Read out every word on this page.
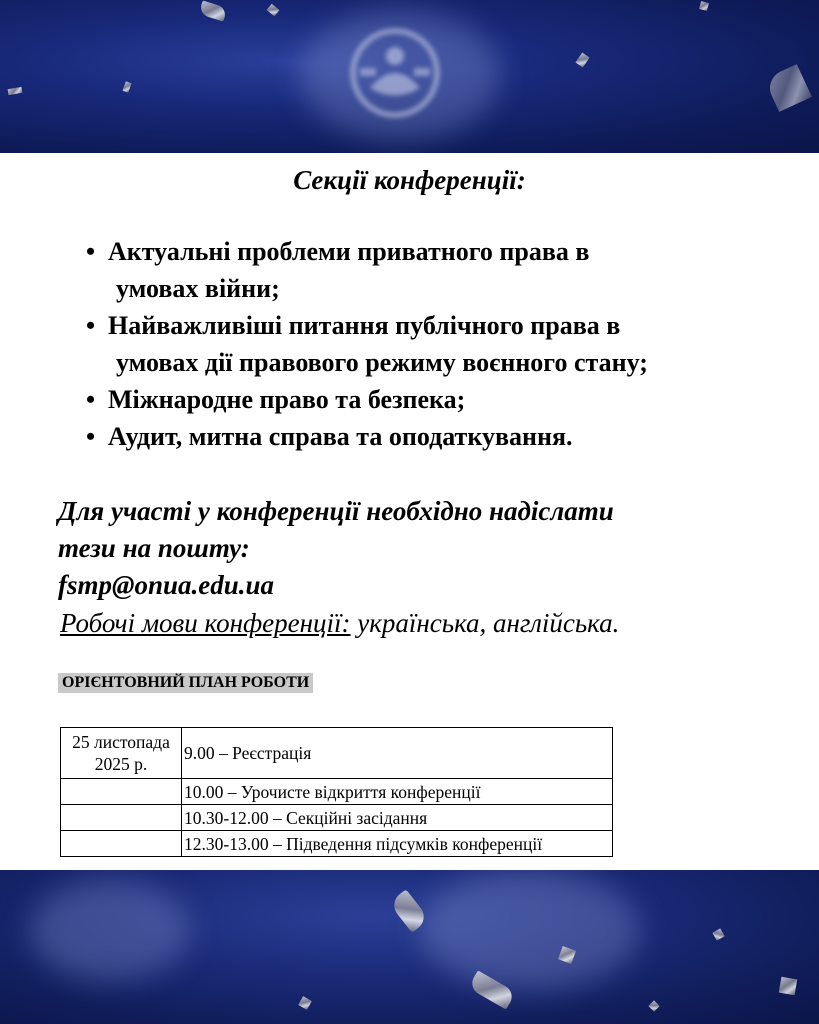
Секції конференції:
• Актуальні проблеми приватного права в
умовах війни;
• Найважливіші питання публічного права в
умовах дії правового режиму воєнного стану;
• Міжнародне право та безпека;
• Аудит, митна справа та оподаткування.
Для участі у конференції необхідно надіслати
тези на пошту:
fsmp@onua.edu.ua
Робочі мови конференції: українська, англійська.
ОРІЄНТОВНИЙ ПЛАН РОБОТИ
25 листопада
2025 р.	9.00 – Реєстрація
	10.00 – Урочисте відкриття конференції
	10.30-12.00 – Секційні засідання
	12.30-13.00 – Підведення підсумків конференції
